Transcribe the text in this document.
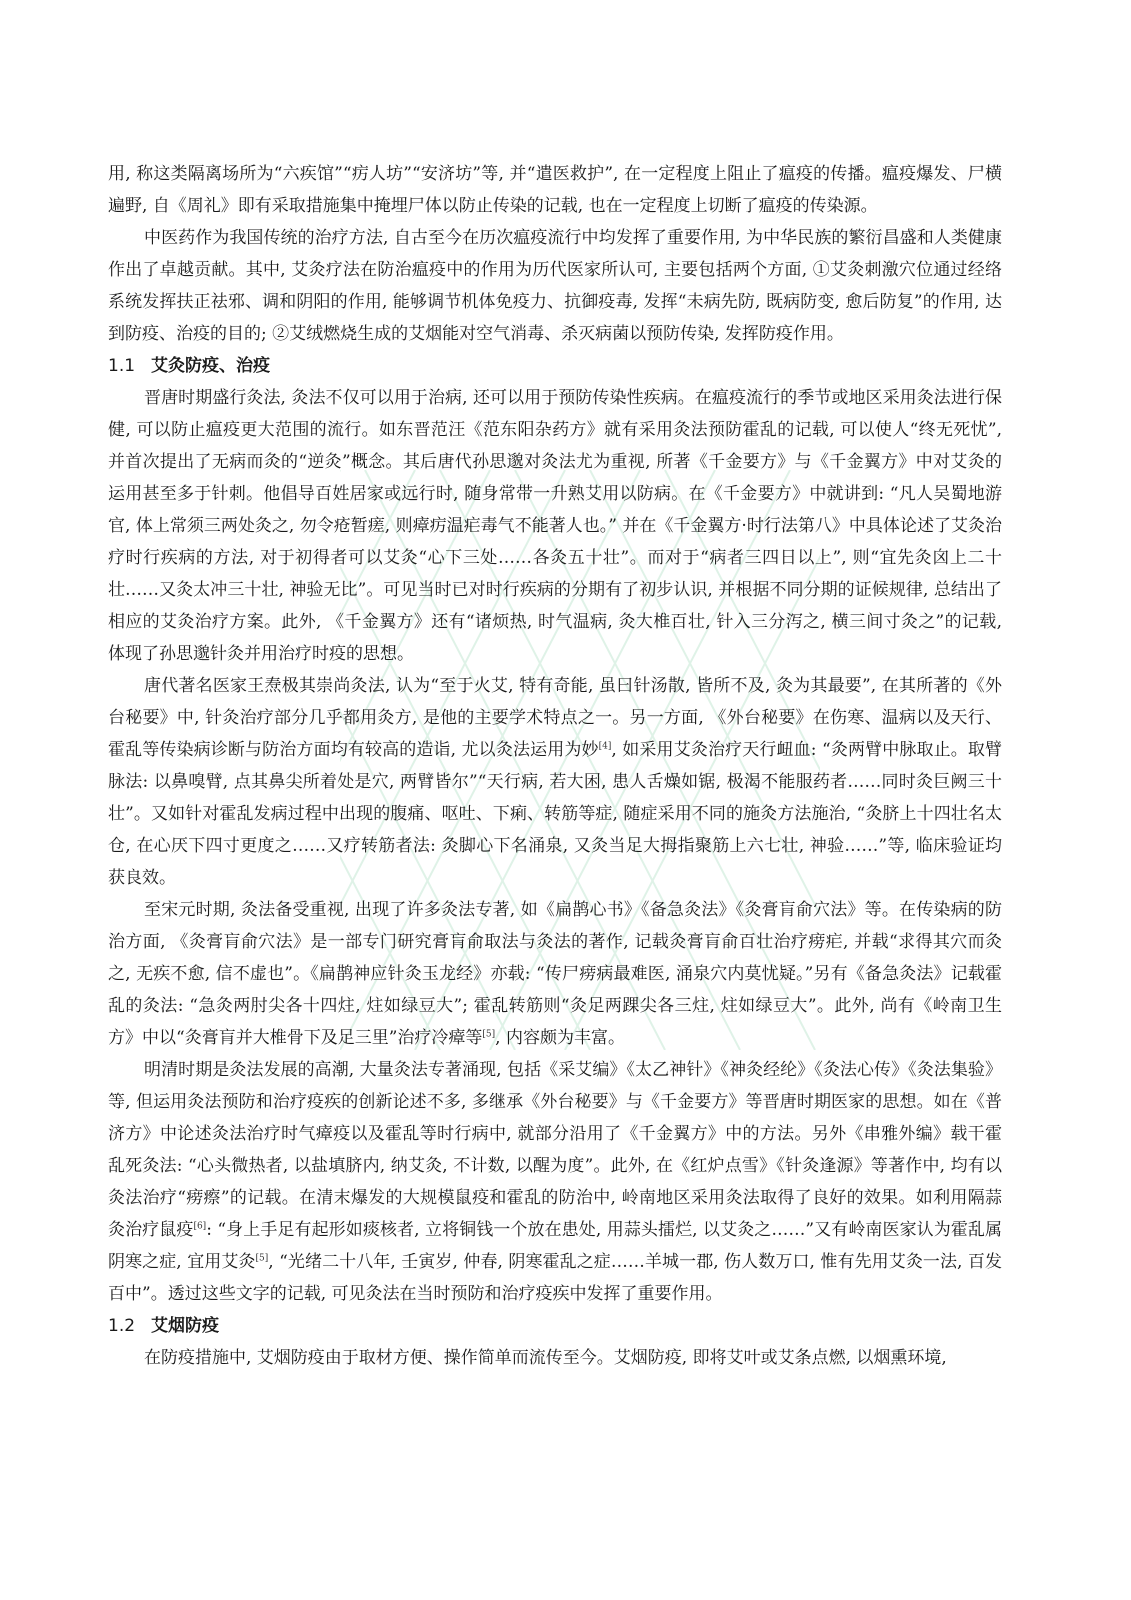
用, 称这类隔离场所为“六疾馆”“疠人坊”“安济坊”等, 并“遣医救护”, 在一定程度上阻止了瘟疫的传播。瘟疫爆发、尸横遍野, 自《周礼》即有采取措施集中掩埋尸体以防止传染的记载, 也在一定程度上切断了瘟疫的传染源。

中医药作为我国传统的治疗方法, 自古至今在历次瘟疫流行中均发挥了重要作用, 为中华民族的繁衍昌盛和人类健康作出了卓越贡献。其中, 艾灸疗法在防治瘟疫中的作用为历代医家所认可, 主要包括两个方面, ①艾灸刺激穴位通过经络系统发挥扶正祛邪、调和阴阳的作用, 能够调节机体免疫力、抗御疫毒, 发挥“未病先防, 既病防变, 愈后防复”的作用, 达到防疫、治疫的目的; ②艾绒燃烧生成的艾烟能对空气消毒、杀灭病菌以预防传染, 发挥防疫作用。

1.1 艾灸防疫、治疫

晋唐时期盛行灸法, 灸法不仅可以用于治病, 还可以用于预防传染性疾病。在瘟疫流行的季节或地区采用灸法进行保健, 可以防止瘟疫更大范围的流行。如东晋范汪《范东阳杂药方》就有采用灸法预防霍乱的记载, 可以使人“终无死忧”, 并首次提出了无病而灸的“逆灸”概念。其后唐代孙思邈对灸法尤为重视, 所著《千金要方》与《千金翼方》中对艾灸的运用甚至多于针刺。他倡导百姓居家或远行时, 随身常带一升熟艾用以防病。在《千金要方》中就讲到: “凡人吴蜀地游官, 体上常须三两处灸之, 勿令疮暂瘥, 则瘴疠温疟毒气不能著人也。” 并在《千金翼方·时行法第八》中具体论述了艾灸治疗时行疾病的方法, 对于初得者可以艾灸“心下三处……各灸五十壮”。而对于“病者三四日以上”, 则“宜先灸囟上二十壮……又灸太冲三十壮, 神验无比”。可见当时已对时行疾病的分期有了初步认识, 并根据不同分期的证候规律, 总结出了相应的艾灸治疗方案。此外, 《千金翼方》还有“诸烦热, 时气温病, 灸大椎百壮, 针入三分泻之, 横三间寸灸之”的记载, 体现了孙思邈针灸并用治疗时疫的思想。

唐代著名医家王焘极其崇尚灸法, 认为“至于火艾, 特有奇能, 虽曰针汤散, 皆所不及, 灸为其最要”, 在其所著的《外台秘要》中, 针灸治疗部分几乎都用灸方, 是他的主要学术特点之一。另一方面, 《外台秘要》在伤寒、温病以及天行、霍乱等传染病诊断与防治方面均有较高的造诣, 尤以灸法运用为妙[4], 如采用艾灸治疗天行衄血: “灸两臂中脉取止。取臂脉法: 以鼻嗅臂, 点其鼻尖所着处是穴, 两臂皆尔”“天行病, 若大困, 患人舌燥如锯, 极渴不能服药者……同时灸巨阙三十壮”。又如针对霍乱发病过程中出现的腹痛、呕吐、下痢、转筋等症, 随症采用不同的施灸方法施治, “灸脐上十四壮名太仓, 在心厌下四寸更度之……又疗转筋者法: 灸脚心下名涌泉, 又灸当足大拇指聚筋上六七壮, 神验……”等, 临床验证均获良效。

至宋元时期, 灸法备受重视, 出现了许多灸法专著, 如《扁鹊心书》《备急灸法》《灸膏肓俞穴法》等。在传染病的防治方面, 《灸膏肓俞穴法》是一部专门研究膏肓俞取法与灸法的著作, 记载灸膏肓俞百壮治疗痨疟, 并载“求得其穴而灸之, 无疾不愈, 信不虚也”。《扁鹊神应针灸玉龙经》亦载: “传尸痨病最难医, 涌泉穴内莫忧疑。”另有《备急灸法》记载霍乱的灸法: “急灸两肘尖各十四炷, 炷如绿豆大”; 霍乱转筋则“灸足两踝尖各三炷, 炷如绿豆大”。此外, 尚有《岭南卫生方》中以“灸膏肓并大椎骨下及足三里”治疗冷瘴等[5], 内容颇为丰富。

明清时期是灸法发展的高潮, 大量灸法专著涌现, 包括《采艾编》《太乙神针》《神灸经纶》《灸法心传》《灸法集验》等, 但运用灸法预防和治疗疫疾的创新论述不多, 多继承《外台秘要》与《千金要方》等晋唐时期医家的思想。如在《普济方》中论述灸法治疗时气瘴疫以及霍乱等时行病中, 就部分沿用了《千金翼方》中的方法。另外《串雅外编》载干霍乱死灸法: “心头微热者, 以盐填脐内, 纳艾灸, 不计数, 以醒为度”。此外, 在《红炉点雪》《针灸逢源》等著作中, 均有以灸法治疗“痨瘵”的记载。在清末爆发的大规模鼠疫和霍乱的防治中, 岭南地区采用灸法取得了良好的效果。如利用隔蒜灸治疗鼠疫[6]: “身上手足有起形如痰核者, 立将铜钱一个放在患处, 用蒜头擂烂, 以艾灸之……”又有岭南医家认为霍乱属阴寒之症, 宜用艾灸[5], “光绪二十八年, 壬寅岁, 仲春, 阴寒霍乱之症……羊城一郡, 伤人数万口, 惟有先用艾灸一法, 百发百中”。透过这些文字的记载, 可见灸法在当时预防和治疗疫疾中发挥了重要作用。

1.2 艾烟防疫

在防疫措施中, 艾烟防疫由于取材方便、操作简单而流传至今。艾烟防疫, 即将艾叶或艾条点燃, 以烟熏环境,
